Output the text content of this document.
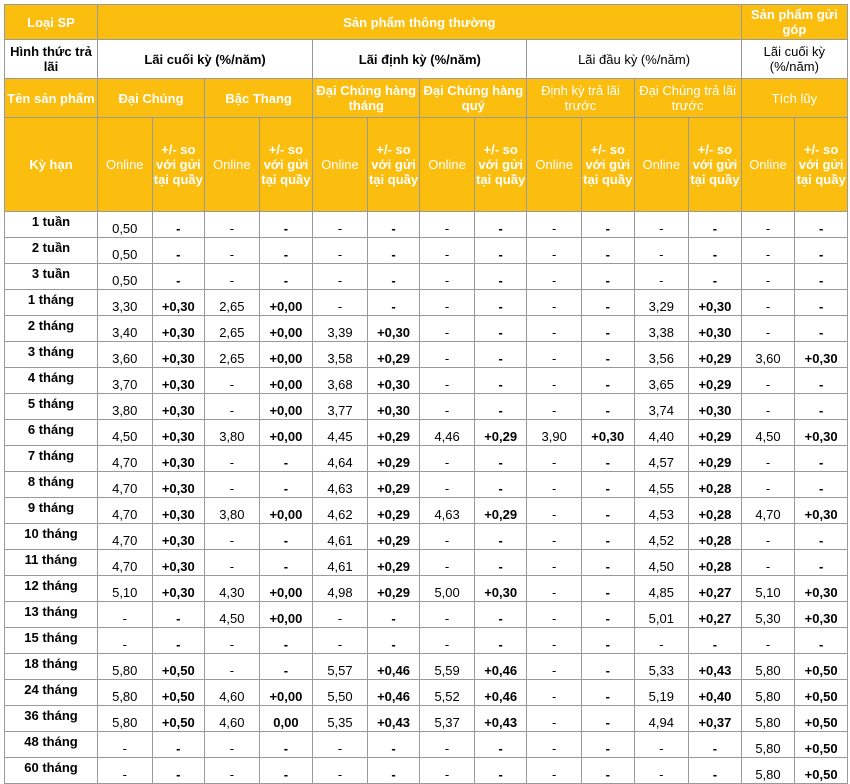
Loại SP	Sản phẩm thông thường												Sản phẩm gửi góp	
Hình thức trả lãi	Lãi cuối kỳ (%/năm)				Lãi định kỳ (%/năm)				Lãi đầu kỳ (%/năm)				Lãi cuối kỳ (%/năm)	
Tên sản phẩm	Đại Chúng		Bậc Thang		Đại Chúng hàng tháng		Đại Chúng hàng quý		Định kỳ trả lãi trước		Đại Chúng trả lãi trước		Tích lũy	
Kỳ hạn	Online	+/- so với gửi tại quầy	Online	+/- so với gửi tại quầy	Online	+/- so với gửi tại quầy	Online	+/- so với gửi tại quầy	Online	+/- so với gửi tại quầy	Online	+/- so với gửi tại quầy	Online	+/- so với gửi tại quầy
1 tuần	0,50	-	-	-	-	-	-	-	-	-	-	-	-	-
2 tuần	0,50	-	-	-	-	-	-	-	-	-	-	-	-	-
3 tuần	0,50	-	-	-	-	-	-	-	-	-	-	-	-	-
1 tháng	3,30	+0,30	2,65	+0,00	-	-	-	-	-	-	3,29	+0,30	-	-
2 tháng	3,40	+0,30	2,65	+0,00	3,39	+0,30	-	-	-	-	3,38	+0,30	-	-
3 tháng	3,60	+0,30	2,65	+0,00	3,58	+0,29	-	-	-	-	3,56	+0,29	3,60	+0,30
4 tháng	3,70	+0,30	-	+0,00	3,68	+0,30	-	-	-	-	3,65	+0,29	-	-
5 tháng	3,80	+0,30	-	+0,00	3,77	+0,30	-	-	-	-	3,74	+0,30	-	-
6 tháng	4,50	+0,30	3,80	+0,00	4,45	+0,29	4,46	+0,29	3,90	+0,30	4,40	+0,29	4,50	+0,30
7 tháng	4,70	+0,30	-	-	4,64	+0,29	-	-	-	-	4,57	+0,29	-	-
8 tháng	4,70	+0,30	-	-	4,63	+0,29	-	-	-	-	4,55	+0,28	-	-
9 tháng	4,70	+0,30	3,80	+0,00	4,62	+0,29	4,63	+0,29	-	-	4,53	+0,28	4,70	+0,30
10 tháng	4,70	+0,30	-	-	4,61	+0,29	-	-	-	-	4,52	+0,28	-	-
11 tháng	4,70	+0,30	-	-	4,61	+0,29	-	-	-	-	4,50	+0,28	-	-
12 tháng	5,10	+0,30	4,30	+0,00	4,98	+0,29	5,00	+0,30	-	-	4,85	+0,27	5,10	+0,30
13 tháng	-	-	4,50	+0,00	-	-	-	-	-	-	5,01	+0,27	5,30	+0,30
15 tháng	-	-	-	-	-	-	-	-	-	-	-	-	-	-
18 tháng	5,80	+0,50	-	-	5,57	+0,46	5,59	+0,46	-	-	5,33	+0,43	5,80	+0,50
24 tháng	5,80	+0,50	4,60	+0,00	5,50	+0,46	5,52	+0,46	-	-	5,19	+0,40	5,80	+0,50
36 tháng	5,80	+0,50	4,60	0,00	5,35	+0,43	5,37	+0,43	-	-	4,94	+0,37	5,80	+0,50
48 tháng	-	-	-	-	-	-	-	-	-	-	-	-	5,80	+0,50
60 tháng	-	-	-	-	-	-	-	-	-	-	-	-	5,80	+0,50
